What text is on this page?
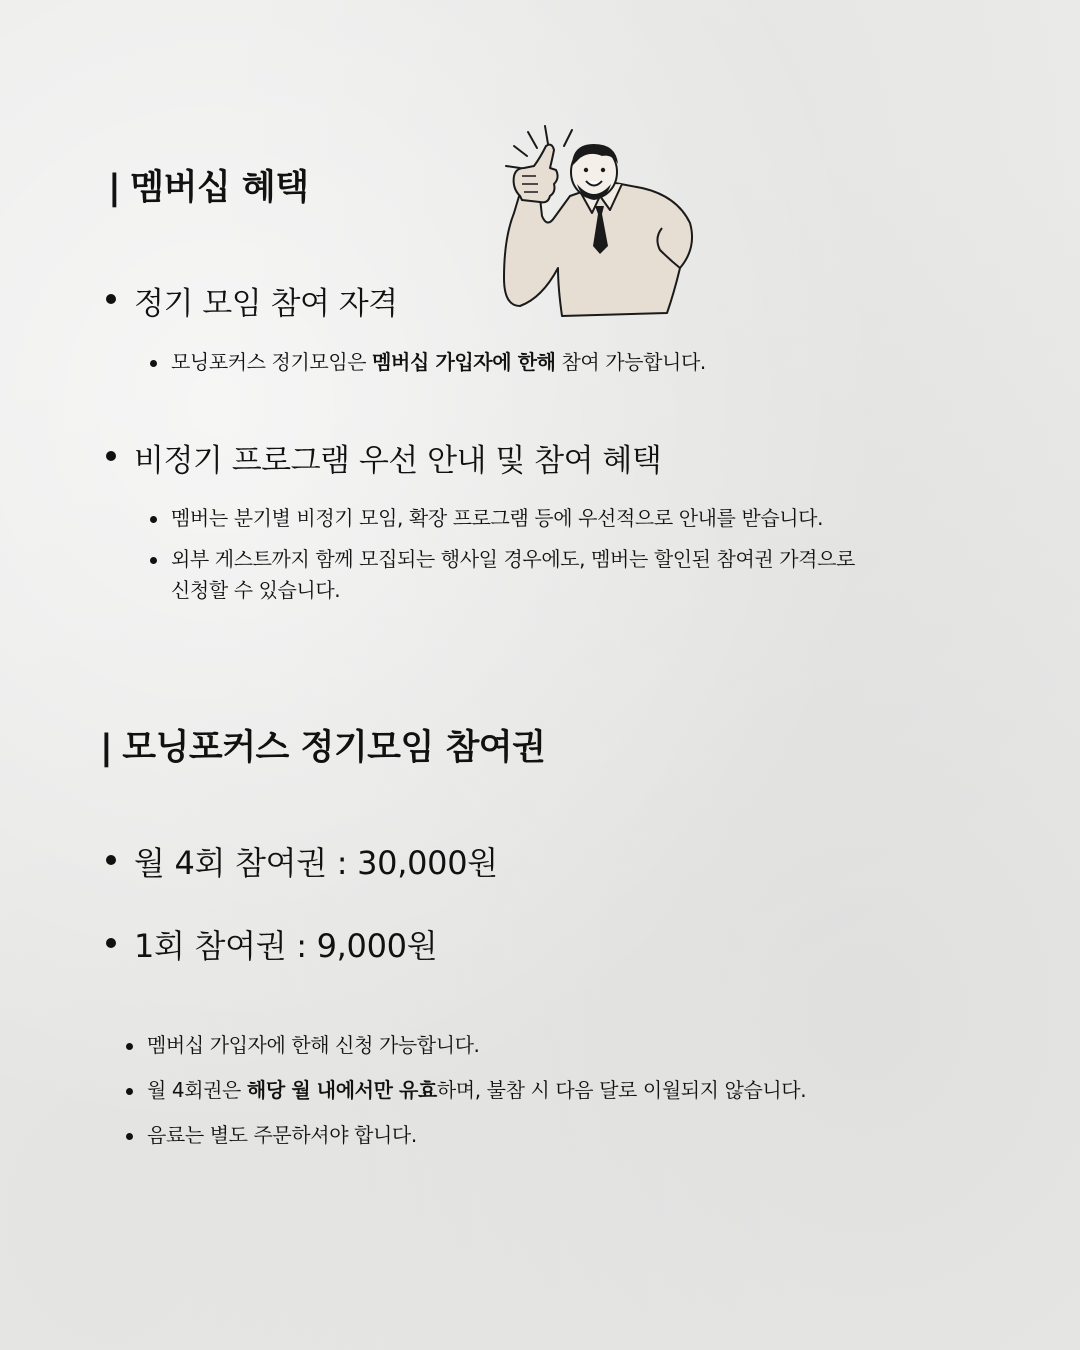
| 멤버십 혜택

정기 모임 참여 자격

모닝포커스 정기모임은 멤버십 가입자에 한해 참여 가능합니다.

비정기 프로그램 우선 안내 및 참여 혜택

멤버는 분기별 비정기 모임, 확장 프로그램 등에 우선적으로 안내를 받습니다.

외부 게스트까지 함께 모집되는 행사일 경우에도, 멤버는 할인된 참여권 가격으로

신청할 수 있습니다.

| 모닝포커스 정기모임 참여권

월 4회 참여권 : 30,000원

1회 참여권 : 9,000원

멤버십 가입자에 한해 신청 가능합니다.

월 4회권은 해당 월 내에서만 유효하며, 불참 시 다음 달로 이월되지 않습니다.

음료는 별도 주문하셔야 합니다.
